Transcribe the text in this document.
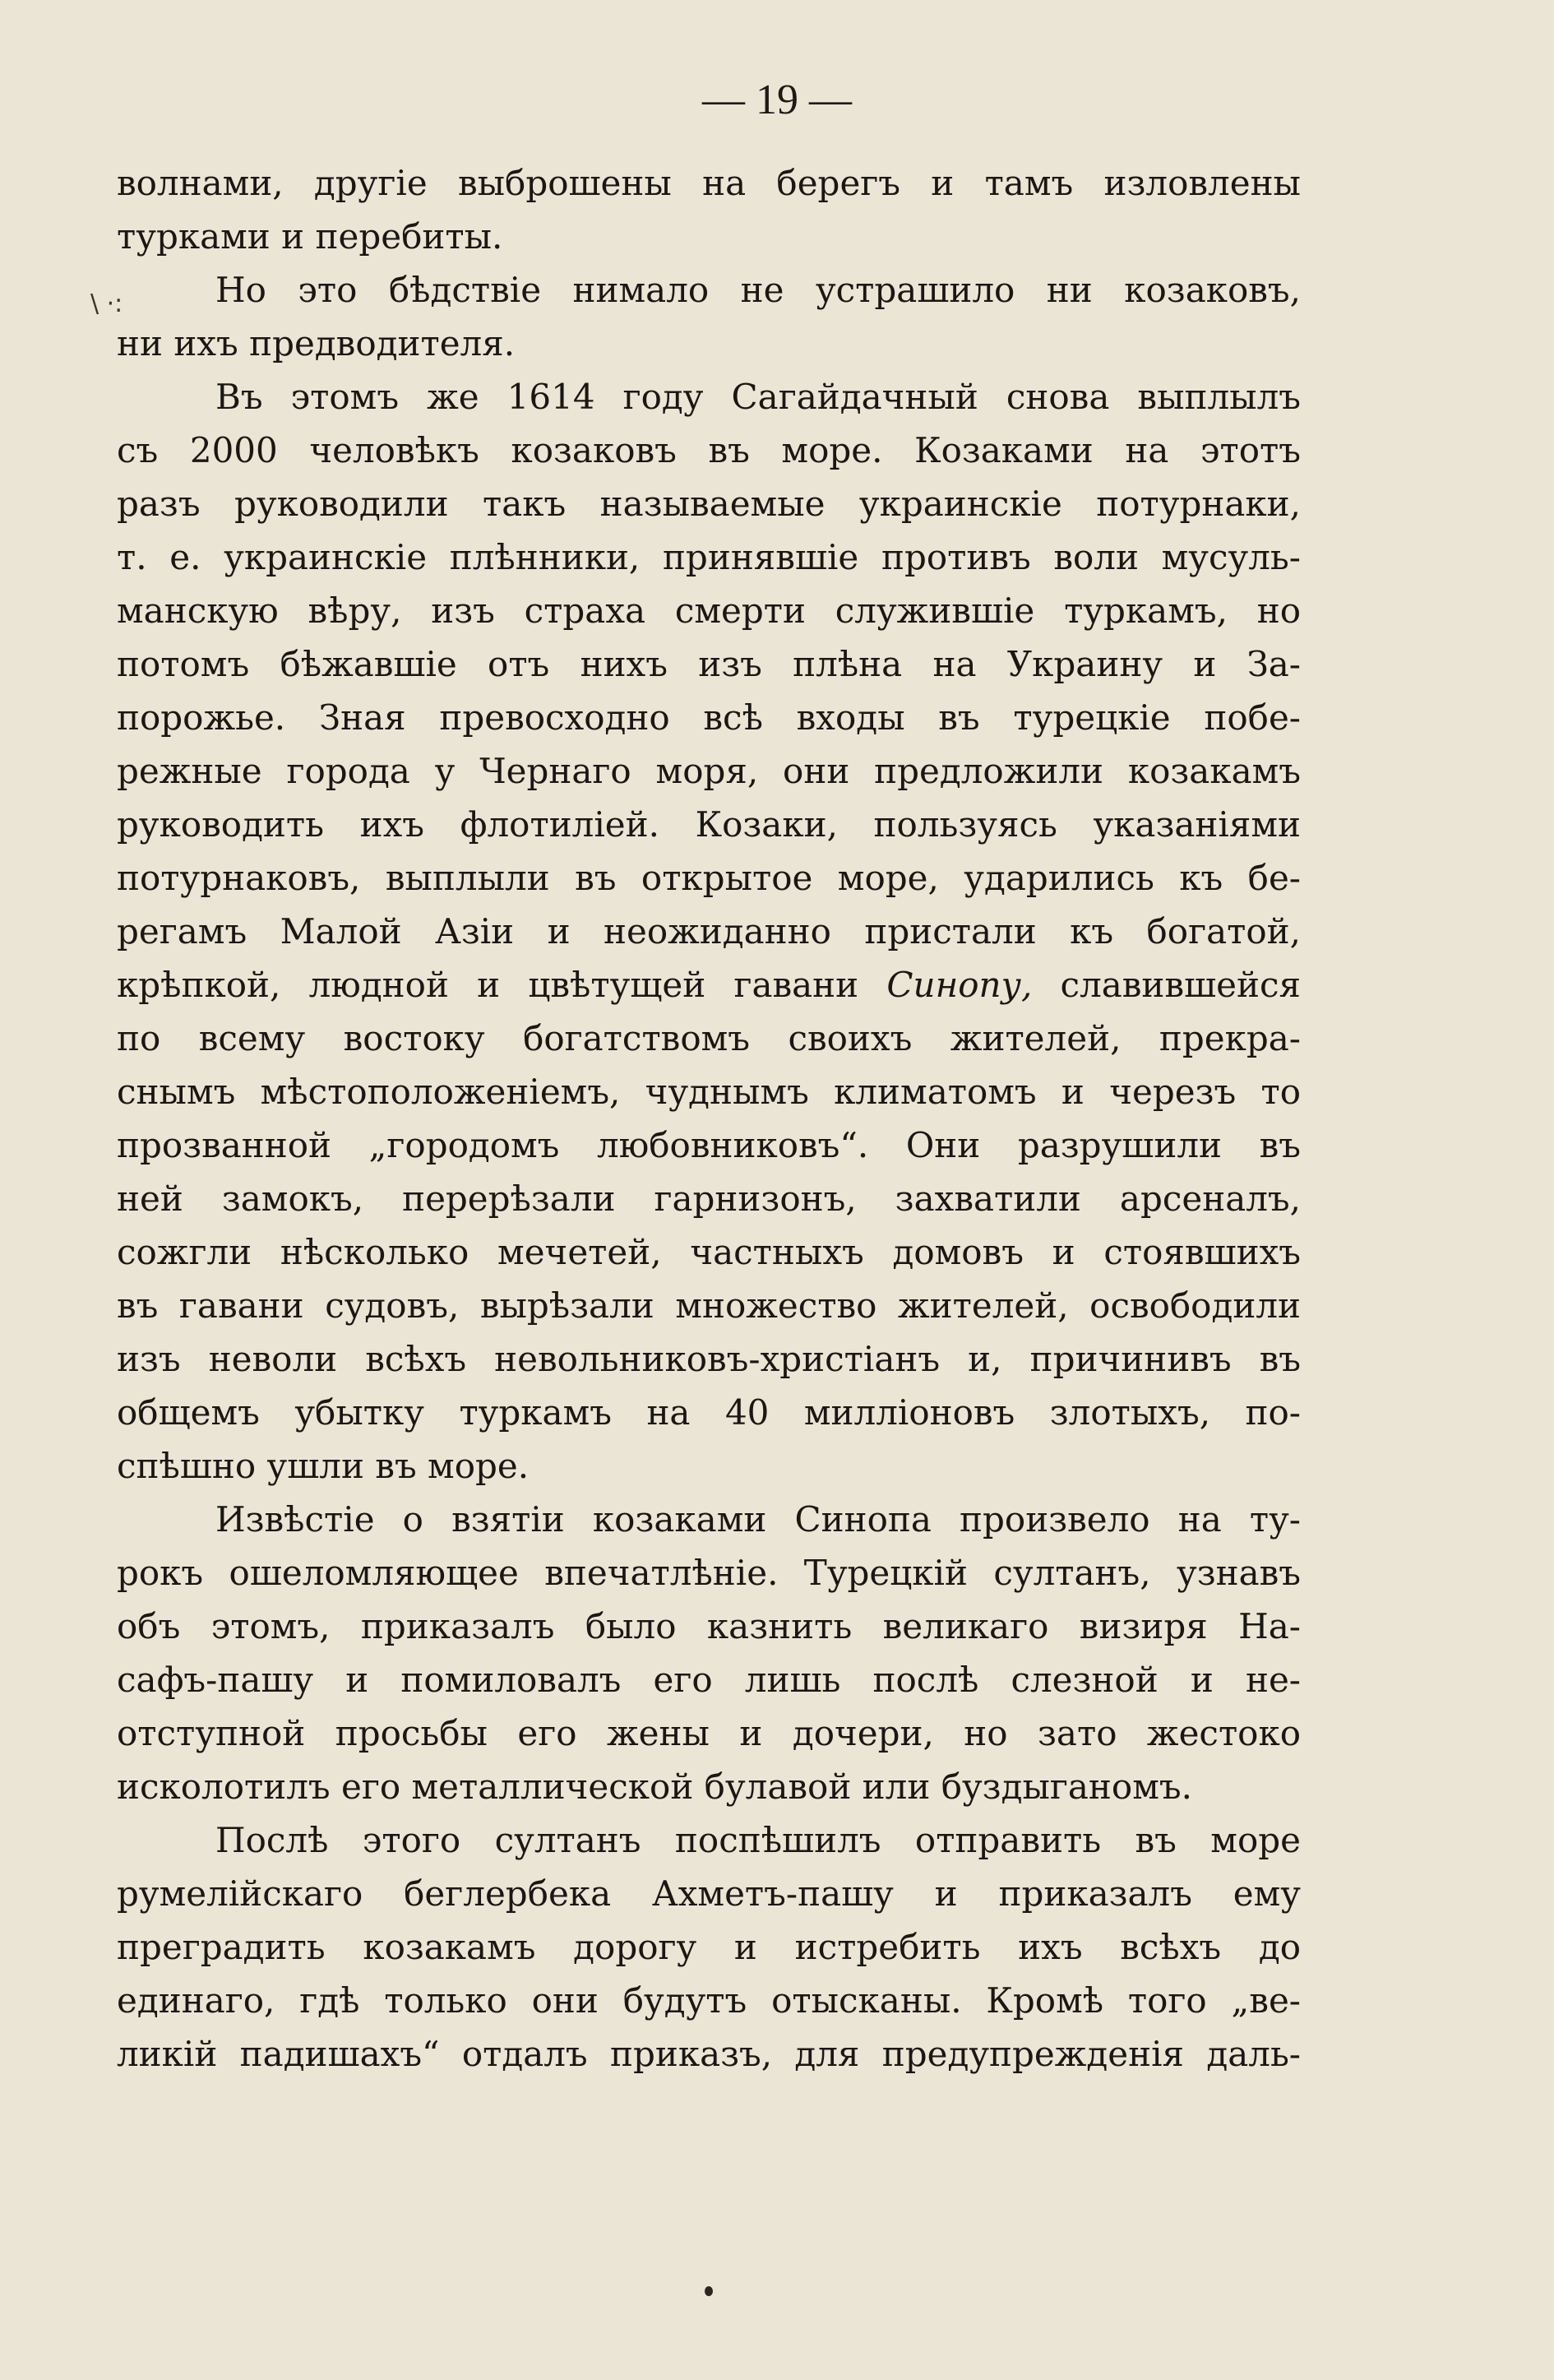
— 19 —
\ ·:
волнами, другіе выброшены на берегъ и тамъ изловлены
турками и перебиты.
Но это бѣдствіе нимало не устрашило ни козаковъ,
ни ихъ предводителя.
Въ этомъ же 1614 году Сагайдачный снова выплылъ
съ 2000 человѣкъ козаковъ въ море. Козаками на этотъ
разъ руководили такъ называемые украинскіе потурнаки,
т. е. украинскіе плѣнники, принявшіе противъ воли мусуль-
манскую вѣру, изъ страха смерти служившіе туркамъ, но
потомъ бѣжавшіе отъ нихъ изъ плѣна на Украину и За-
порожье. Зная превосходно всѣ входы въ турецкіе побе-
режные города у Чернаго моря, они предложили козакамъ
руководить ихъ флотиліей. Козаки, пользуясь указаніями
потурнаковъ, выплыли въ открытое море, ударились къ бе-
регамъ Малой Азіи и неожиданно пристали къ богатой,
крѣпкой, людной и цвѣтущей гавани Синопу, славившейся
по всему востоку богатствомъ своихъ жителей, прекра-
снымъ мѣстоположеніемъ, чуднымъ климатомъ и черезъ то
прозванной „городомъ любовниковъ“. Они разрушили въ
ней замокъ, перерѣзали гарнизонъ, захватили арсеналъ,
сожгли нѣсколько мечетей, частныхъ домовъ и стоявшихъ
въ гавани судовъ, вырѣзали множество жителей, освободили
изъ неволи всѣхъ невольниковъ-христіанъ и, причинивъ въ
общемъ убытку туркамъ на 40 милліоновъ злотыхъ, по-
спѣшно ушли въ море.
Извѣстіе о взятіи козаками Синопа произвело на ту-
рокъ ошеломляющее впечатлѣніе. Турецкій султанъ, узнавъ
объ этомъ, приказалъ было казнить великаго визиря На-
сафъ-пашу и помиловалъ его лишь послѣ слезной и не-
отступной просьбы его жены и дочери, но зато жестоко
исколотилъ его металлической булавой или буздыганомъ.
Послѣ этого султанъ поспѣшилъ отправить въ море
румелійскаго беглербека Ахметъ-пашу и приказалъ ему
преградить козакамъ дорогу и истребить ихъ всѣхъ до
единаго, гдѣ только они будутъ отысканы. Кромѣ того „ве-
ликій падишахъ“ отдалъ приказъ, для предупрежденія даль-
